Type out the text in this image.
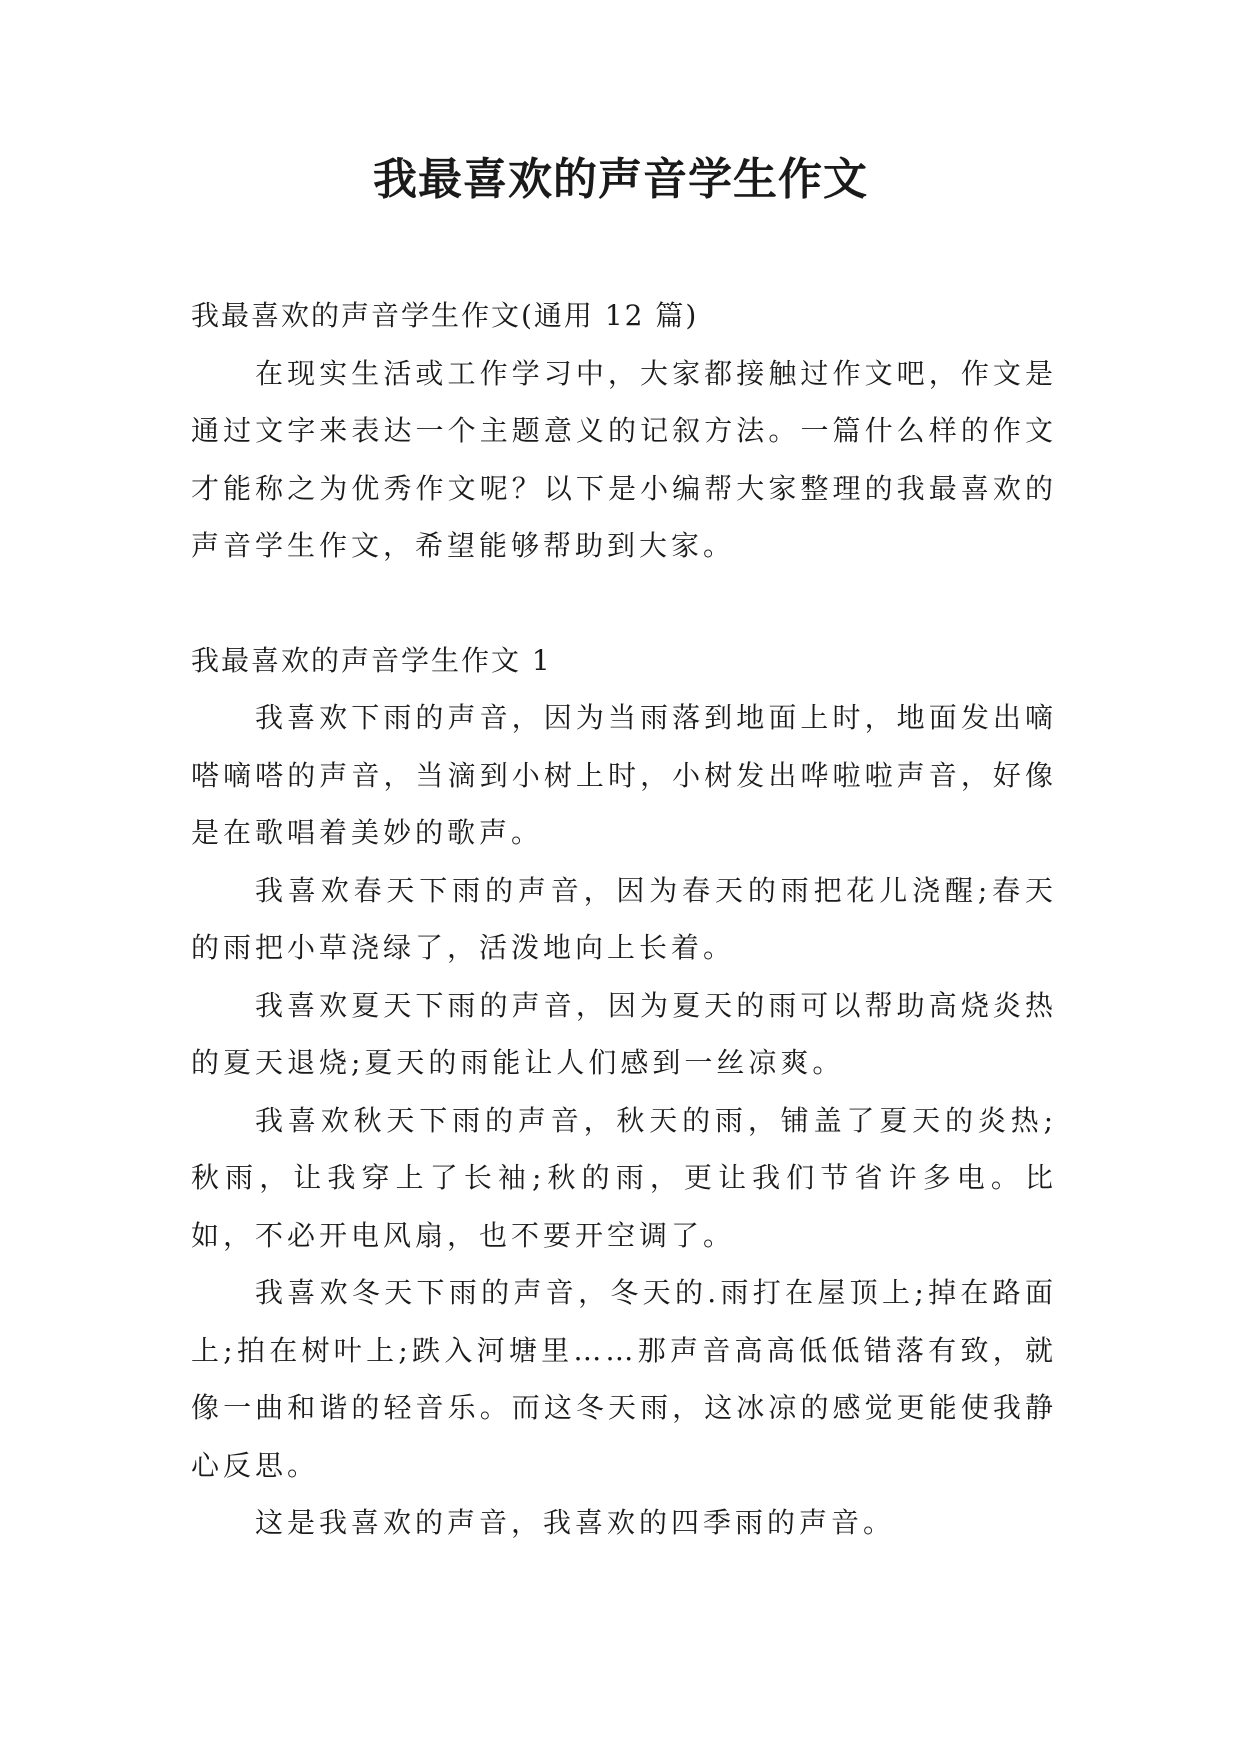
我最喜欢的声音学生作文

我最喜欢的声音学生作文(通用 12 篇)

在现实生活或工作学习中，大家都接触过作文吧，作文是通过文字来表达一个主题意义的记叙方法。一篇什么样的作文才能称之为优秀作文呢？以下是小编帮大家整理的我最喜欢的声音学生作文，希望能够帮助到大家。

我最喜欢的声音学生作文 1

我喜欢下雨的声音，因为当雨落到地面上时，地面发出嘀嗒嘀嗒的声音，当滴到小树上时，小树发出哗啦啦声音，好像是在歌唱着美妙的歌声。

我喜欢春天下雨的声音，因为春天的雨把花儿浇醒;春天的雨把小草浇绿了，活泼地向上长着。

我喜欢夏天下雨的声音，因为夏天的雨可以帮助高烧炎热的夏天退烧;夏天的雨能让人们感到一丝凉爽。

我喜欢秋天下雨的声音，秋天的雨，铺盖了夏天的炎热;秋雨，让我穿上了长袖;秋的雨，更让我们节省许多电。比如，不必开电风扇，也不要开空调了。

我喜欢冬天下雨的声音，冬天的.雨打在屋顶上;掉在路面上;拍在树叶上;跌入河塘里……那声音高高低低错落有致，就像一曲和谐的轻音乐。而这冬天雨，这冰凉的感觉更能使我静心反思。

这是我喜欢的声音，我喜欢的四季雨的声音。
